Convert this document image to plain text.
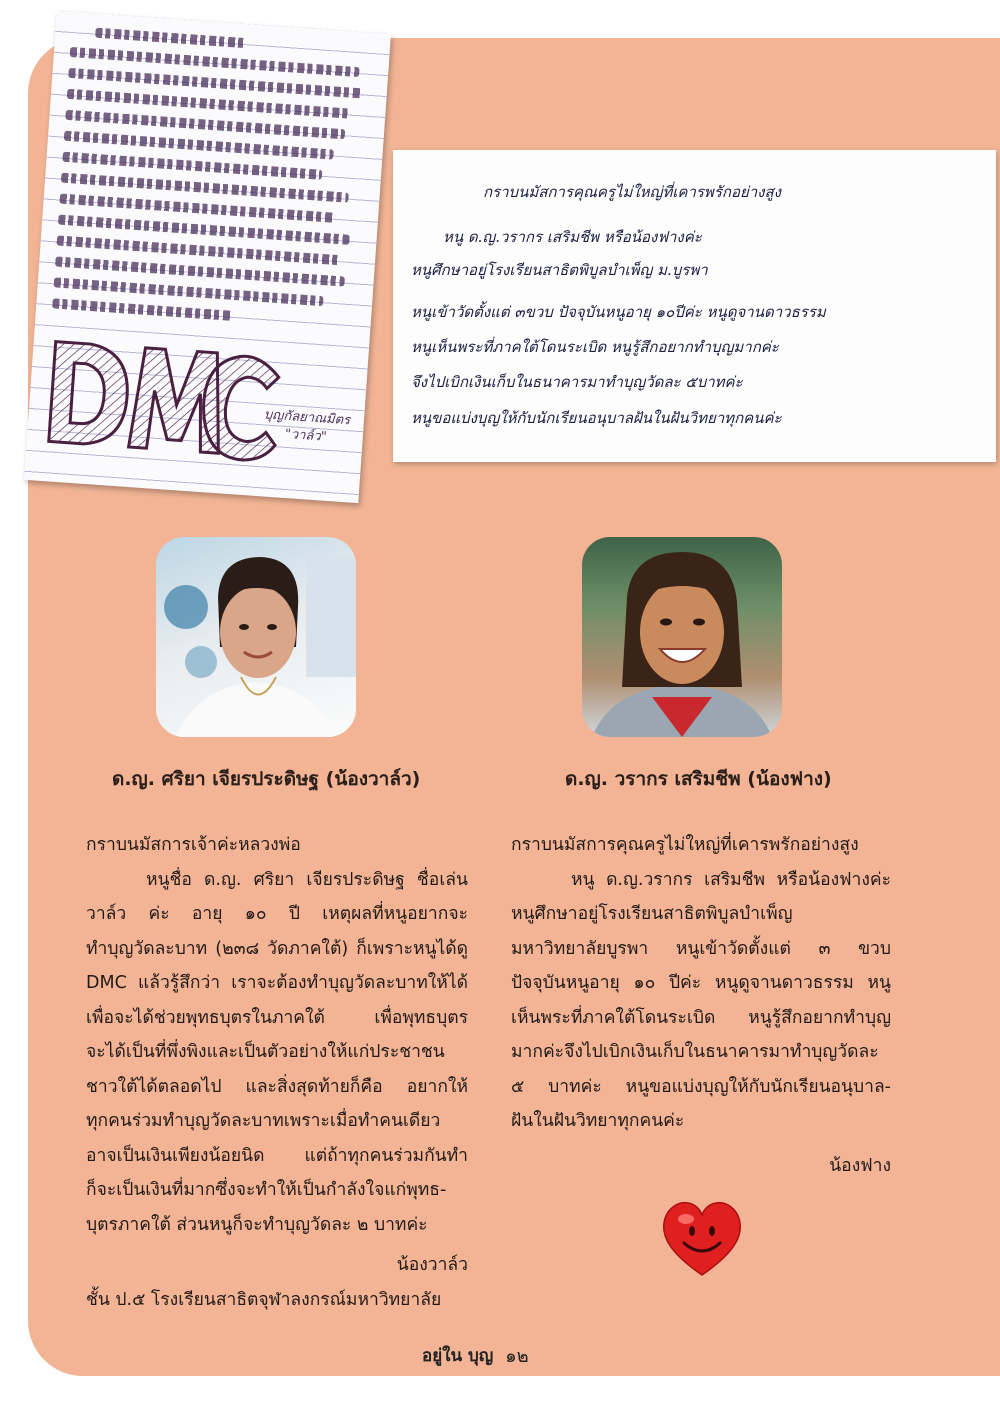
บุญกัลยาณมิตร
"วาล์ว"
กราบนมัสการคุณครูไม่ใหญ่ที่เคารพรักอย่างสูง
หนู ด.ญ.วรากร เสริมชีพ หรือน้องฟางค่ะ
หนูศึกษาอยู่โรงเรียนสาธิตพิบูลบำเพ็ญ ม.บูรพา
หนูเข้าวัดตั้งแต่ ๓ขวบ ปัจจุบันหนูอายุ ๑๐ปีค่ะ หนูดูจานดาวธรรม
หนูเห็นพระที่ภาคใต้โดนระเบิด หนูรู้สึกอยากทำบุญมากค่ะ
จึงไปเบิกเงินเก็บในธนาคารมาทำบุญวัดละ ๕บาทค่ะ
หนูขอแบ่งบุญให้กับนักเรียนอนุบาลฝันในฝันวิทยาทุกคนค่ะ
ด.ญ. ศริยา เจียรประดิษฐ (น้องวาล์ว)	ด.ญ. วรากร เสริมชีพ (น้องฟาง)

กราบนมัสการเจ้าค่ะหลวงพ่อ

หนูชื่อ ด.ญ. ศริยา เจียรประดิษฐ ชื่อเล่น

วาล์ว ค่ะ อายุ ๑๐ ปี เหตุผลที่หนูอยากจะ

ทำบุญวัดละบาท (๒๓๘ วัดภาคใต้) ก็เพราะหนูได้ดู

DMC แล้วรู้สึกว่า เราจะต้องทำบุญวัดละบาทให้ได้

เพื่อจะได้ช่วยพุทธบุตรในภาคใต้ เพื่อพุทธบุตร

จะได้เป็นที่พึ่งพิงและเป็นตัวอย่างให้แก่ประชาชน

ชาวใต้ได้ตลอดไป และสิ่งสุดท้ายก็คือ อยากให้

ทุกคนร่วมทำบุญวัดละบาทเพราะเมื่อทำคนเดียว

อาจเป็นเงินเพียงน้อยนิด แต่ถ้าทุกคนร่วมกันทำ

ก็จะเป็นเงินที่มากซึ่งจะทำให้เป็นกำลังใจแก่พุทธ-

บุตรภาคใต้ ส่วนหนูก็จะทำบุญวัดละ ๒ บาทค่ะ

น้องวาล์ว

ชั้น ป.๕ โรงเรียนสาธิตจุฬาลงกรณ์มหาวิทยาลัย

กราบนมัสการคุณครูไม่ใหญ่ที่เคารพรักอย่างสูง

หนู ด.ญ.วรากร เสริมชีพ หรือน้องฟางค่ะ

หนูศึกษาอยู่โรงเรียนสาธิตพิบูลบำเพ็ญ

มหาวิทยาลัยบูรพา หนูเข้าวัดตั้งแต่ ๓ ขวบ

ปัจจุบันหนูอายุ ๑๐ ปีค่ะ หนูดูจานดาวธรรม หนู

เห็นพระที่ภาคใต้โดนระเบิด หนูรู้สึกอยากทำบุญ

มากค่ะจึงไปเบิกเงินเก็บในธนาคารมาทำบุญวัดละ

๕ บาทค่ะ หนูขอแบ่งบุญให้กับนักเรียนอนุบาล-

ฝันในฝันวิทยาทุกคนค่ะ

น้องฟาง

อยู่ใน บุญ ๑๒
